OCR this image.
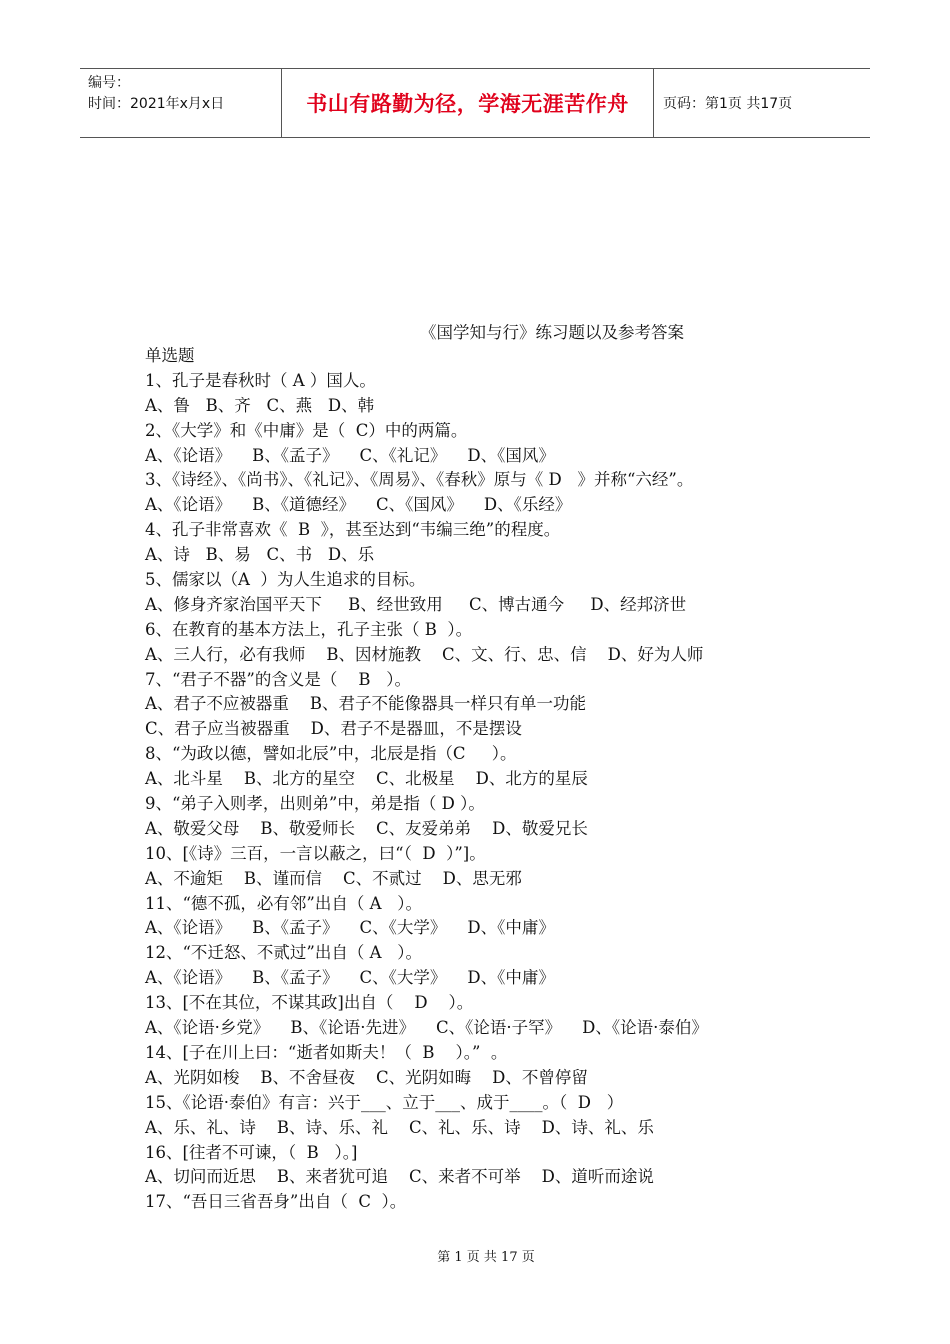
编号：
时间：2021年x月x日	书山有路勤为径，学海无涯苦作舟	页码：第1页 共17页
《国学知与行》练习题以及参考答案
单选题
1、孔子是春秋时（ A ）国人。
A、鲁   B、齐   C、燕   D、韩
2、《大学》和《中庸》是（  C）中的两篇。
A、《论语》    B、《孟子》    C、《礼记》    D、《国风》
3、《诗经》、《尚书》、《礼记》、《周易》、《春秋》原与《 D   》并称“六经”。
A、《论语》    B、《道德经》    C、《国风》    D、《乐经》
4、孔子非常喜欢《  B  》，甚至达到“韦编三绝”的程度。
A、诗   B、易   C、书   D、乐
5、儒家以（A  ）为人生追求的目标。
A、修身齐家治国平天下     B、经世致用     C、博古通今     D、经邦济世
6、在教育的基本方法上，孔子主张（ B  ）。
A、三人行，必有我师    B、因材施教    C、文、行、忠、信    D、好为人师
7、“君子不器”的含义是（    B   ）。
A、君子不应被器重    B、君子不能像器具一样只有单一功能
C、君子应当被器重    D、君子不是器皿，不是摆设
8、“为政以德，譬如北辰”中，北辰是指（C     ）。
A、北斗星    B、北方的星空    C、北极星    D、北方的星辰
9、“弟子入则孝，出则弟”中，弟是指（ D ）。
A、敬爱父母    B、敬爱师长    C、友爱弟弟    D、敬爱兄长
10、[《诗》三百，一言以蔽之，曰“（  D  ）”]。
A、不逾矩    B、谨而信    C、不贰过    D、思无邪
11、“德不孤，必有邻”出自（ A   ）。
A、《论语》    B、《孟子》    C、《大学》    D、《中庸》
12、“不迁怒、不贰过”出自（ A   ）。
A、《论语》    B、《孟子》    C、《大学》    D、《中庸》
13、[不在其位，不谋其政]出自（    D    ）。
A、《论语·乡党》    B、《论语·先进》    C、《论语·子罕》    D、《论语·泰伯》
14、[子在川上曰：“逝者如斯夫！（  B    ）。”  。
A、光阴如梭    B、不舍昼夜    C、光阴如晦    D、不曾停留
15、《论语·泰伯》有言：兴于___、立于___、成于____。（  D   ）
A、乐、礼、诗    B、诗、乐、礼    C、礼、乐、诗    D、诗、礼、乐
16、[往者不可谏，（  B   ）。]
A、切问而近思    B、来者犹可追    C、来者不可举    D、道听而途说
17、“吾日三省吾身”出自（  C  ）。
第 1 页 共 17 页
